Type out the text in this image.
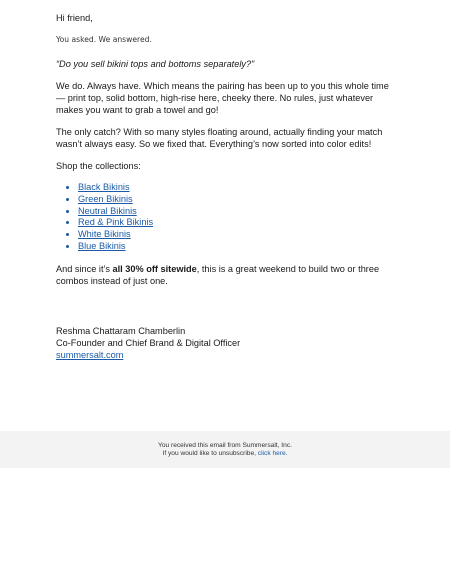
Hi friend,

You asked. We answered.

“Do you sell bikini tops and bottoms separately?”

We do. Always have. Which means the pairing has been up to you this whole time — print top, solid bottom, high-rise here, cheeky there. No rules, just whatever makes you want to grab a towel and go!

The only catch? With so many styles floating around, actually finding your match wasn’t always easy. So we fixed that. Everything’s now sorted into color edits!

Shop the collections:

• Black Bikinis
• Green Bikinis
• Neutral Bikinis
• Red & Pink Bikinis
• White Bikinis
• Blue Bikinis

And since it’s all 30% off sitewide, this is a great weekend to build two or three combos instead of just one.

Reshma Chattaram Chamberlin

Co-Founder and Chief Brand & Digital Officer

summersalt.com

You received this email from Summersalt, Inc.
If you would like to unsubscribe, click here.
